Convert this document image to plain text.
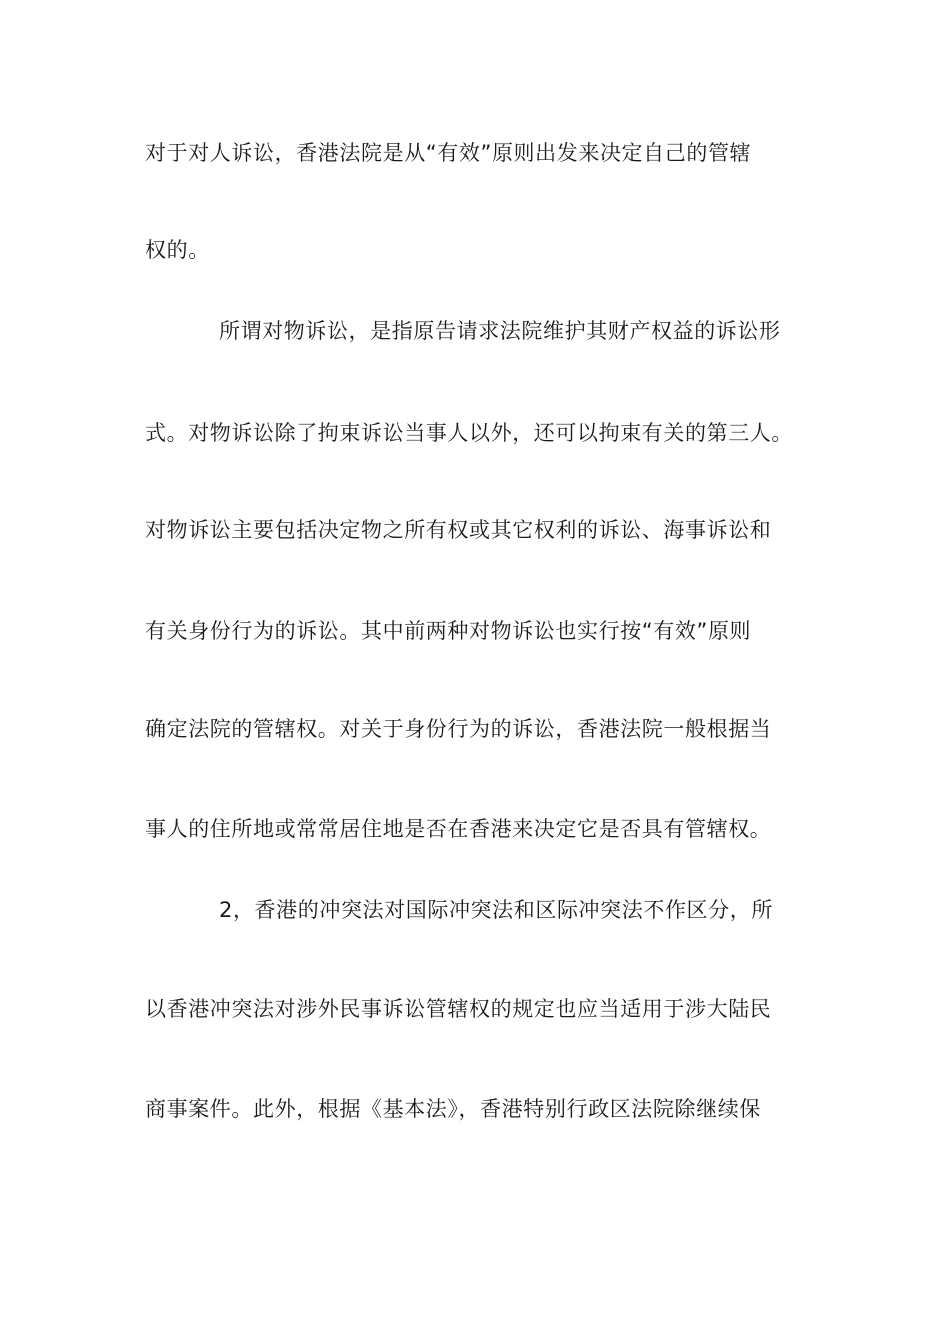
对于对人诉讼，香港法院是从“有效”原则出发来决定自己的管辖
权的。
所谓对物诉讼，是指原告请求法院维护其财产权益的诉讼形
式。对物诉讼除了拘束诉讼当事人以外，还可以拘束有关的第三人。
对物诉讼主要包括决定物之所有权或其它权利的诉讼、海事诉讼和
有关身份行为的诉讼。其中前两种对物诉讼也实行按“有效”原则
确定法院的管辖权。对关于身份行为的诉讼，香港法院一般根据当
事人的住所地或常常居住地是否在香港来决定它是否具有管辖权。
2，香港的冲突法对国际冲突法和区际冲突法不作区分，所
以香港冲突法对涉外民事诉讼管辖权的规定也应当适用于涉大陆民
商事案件。此外，根据《基本法》，香港特别行政区法院除继续保
